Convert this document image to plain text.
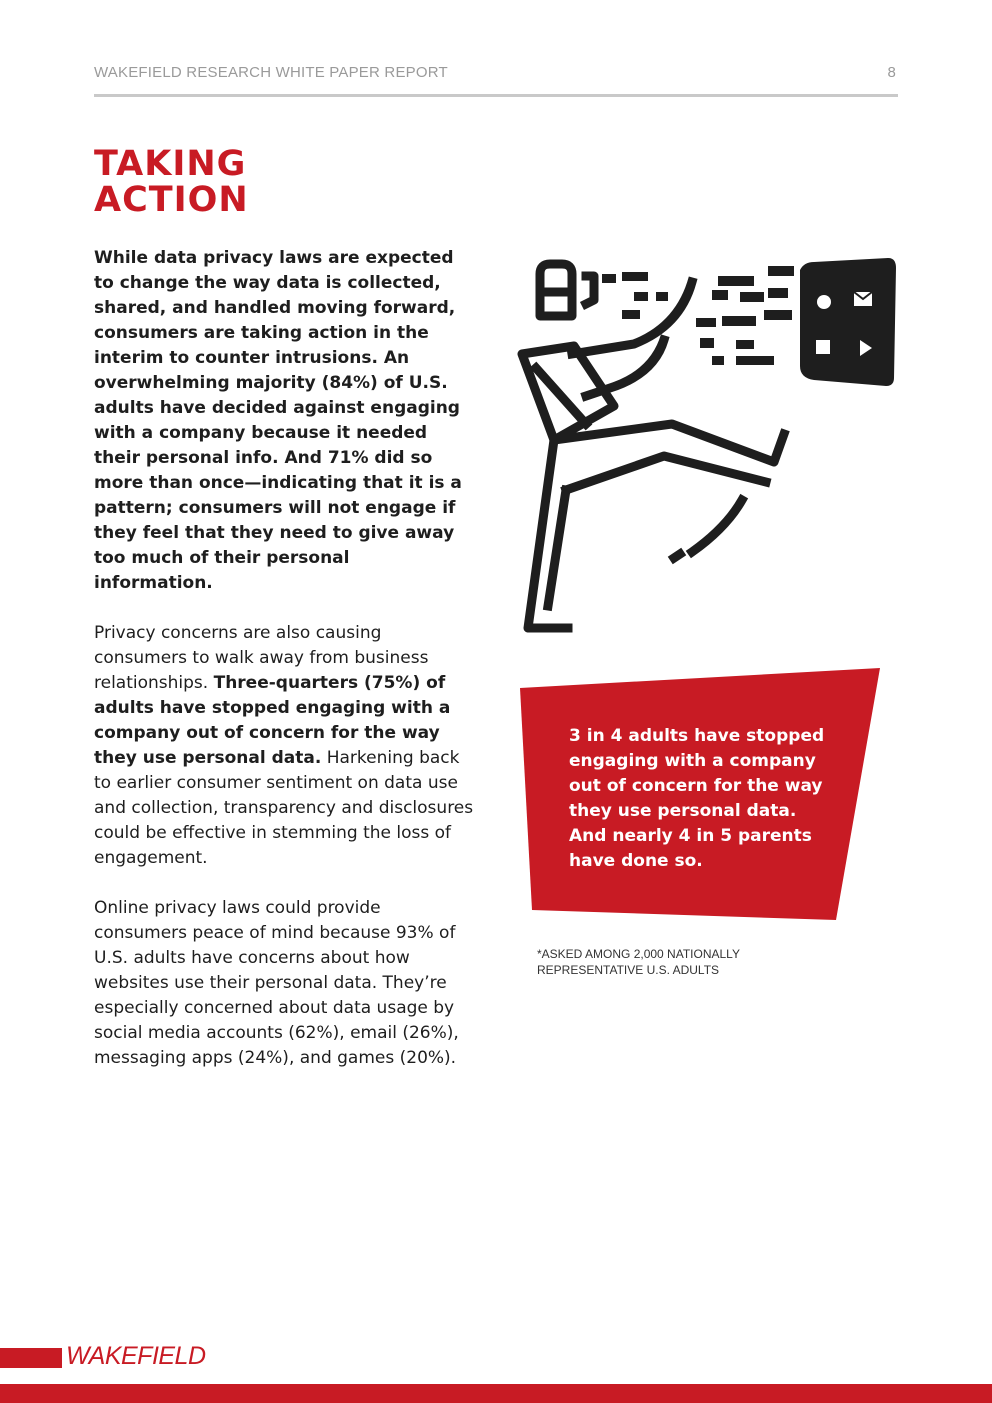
WAKEFIELD RESEARCH WHITE PAPER REPORT	8
TAKING
ACTION

While data privacy laws are expected to change the way data is collected, shared, and handled moving forward, consumers are taking action in the interim to counter intrusions. An overwhelming majority (84%) of U.S. adults have decided against engaging with a company because it needed their personal info. And 71% did so more than once—indicating that it is a pattern; consumers will not engage if they feel that they need to give away too much of their personal information.

Privacy concerns are also causing consumers to walk away from business relationships. Three-quarters (75%) of adults have stopped engaging with a company out of concern for the way they use personal data. Harkening back to earlier consumer sentiment on data use and collection, transparency and disclosures could be effective in stemming the loss of engagement.

Online privacy laws could provide consumers peace of mind because 93% of U.S. adults have concerns about how websites use their personal data. They’re especially concerned about data usage by social media accounts (62%), email (26%), messaging apps (24%), and games (20%).

3 in 4 adults have stopped
engaging with a company
out of concern for the way
they use personal data.
And nearly 4 in 5 parents
have done so.
*ASKED AMONG 2,000 NATIONALLY REPRESENTATIVE U.S. ADULTS
WAKEFIELD
